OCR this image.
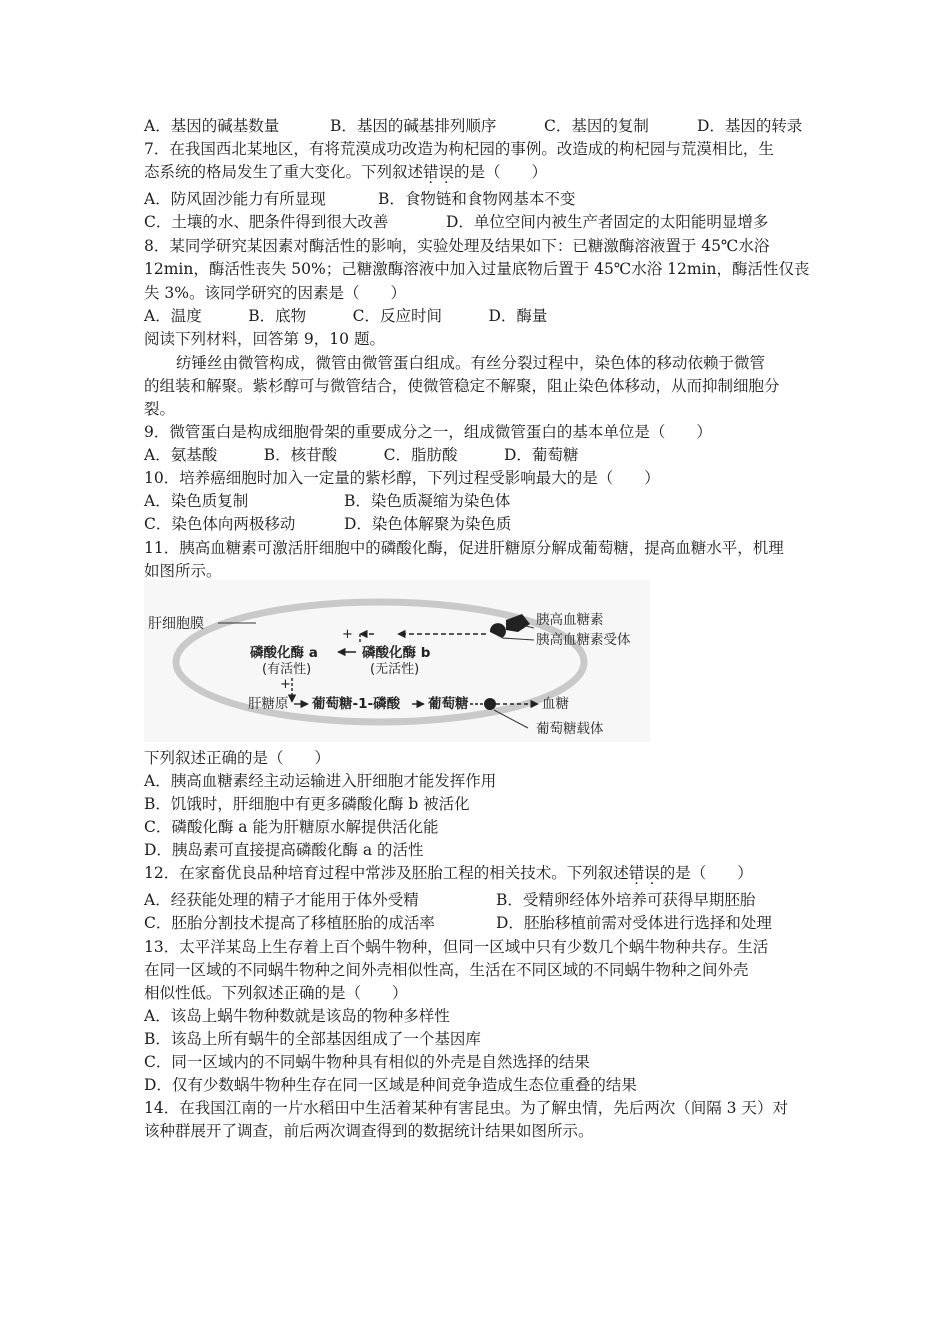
A．基因的碱基数量	B．基因的碱基排列顺序	C．基因的复制	D．基因的转录
7．在我国西北某地区，有将荒漠成功改造为枸杞园的事例。改造成的枸杞园与荒漠相比，生
态系统的格局发生了重大变化。下列叙述错误的是（　　）
A．防风固沙能力有所显现	B．食物链和食物网基本不变
C．土壤的水、肥条件得到很大改善	D．单位空间内被生产者固定的太阳能明显增多
8．某同学研究某因素对酶活性的影响，实验处理及结果如下：已糖激酶溶液置于 45℃水浴
12min，酶活性丧失 50%；己糖激酶溶液中加入过量底物后置于 45℃水浴 12min，酶活性仅丧
失 3%。该同学研究的因素是（　　）
A．温度　　　B．底物　　　C．反应时间　　　D．酶量
阅读下列材料，回答第 9，10 题。
纺锤丝由微管构成，微管由微管蛋白组成。有丝分裂过程中，染色体的移动依赖于微管
的组装和解聚。紫杉醇可与微管结合，使微管稳定不解聚，阻止染色体移动，从而抑制细胞分
裂。
9．微管蛋白是构成细胞骨架的重要成分之一，组成微管蛋白的基本单位是（　　）
A．氨基酸　　　B．核苷酸　　　C．脂肪酸　　　D．葡萄糖
10．培养癌细胞时加入一定量的紫杉醇，下列过程受影响最大的是（　　）
A．染色质复制	B．染色质凝缩为染色体
C．染色体向两极移动	D．染色体解聚为染色质
11．胰高血糖素可激活肝细胞中的磷酸化酶，促进肝糖原分解成葡萄糖，提高血糖水平，机理
如图所示。
肝细胞膜	胰高血糖素
胰高血糖素受体
+
磷酸化酶 a
(有活性)
磷酸化酶 b
(无活性)
+
肝糖原 葡萄糖-1-磷酸 葡萄糖	血糖
葡萄糖载体
下列叙述正确的是（　　）
A．胰高血糖素经主动运输进入肝细胞才能发挥作用
B．饥饿时，肝细胞中有更多磷酸化酶 b 被活化
C．磷酸化酶 a 能为肝糖原水解提供活化能
D．胰岛素可直接提高磷酸化酶 a 的活性
12．在家畜优良品种培育过程中常涉及胚胎工程的相关技术。下列叙述错误的是（　　）
A．经获能处理的精子才能用于体外受精	B．受精卵经体外培养可获得早期胚胎
C．胚胎分割技术提高了移植胚胎的成活率	D．胚胎移植前需对受体进行选择和处理
13．太平洋某岛上生存着上百个蜗牛物种，但同一区域中只有少数几个蜗牛物种共存。生活
在同一区域的不同蜗牛物种之间外壳相似性高，生活在不同区域的不同蜗牛物种之间外壳
相似性低。下列叙述正确的是（　　）
A．该岛上蜗牛物种数就是该岛的物种多样性
B．该岛上所有蜗牛的全部基因组成了一个基因库
C．同一区域内的不同蜗牛物种具有相似的外壳是自然选择的结果
D．仅有少数蜗牛物种生存在同一区域是种间竞争造成生态位重叠的结果
14．在我国江南的一片水稻田中生活着某种有害昆虫。为了解虫情，先后两次（间隔 3 天）对
该种群展开了调查，前后两次调查得到的数据统计结果如图所示。
